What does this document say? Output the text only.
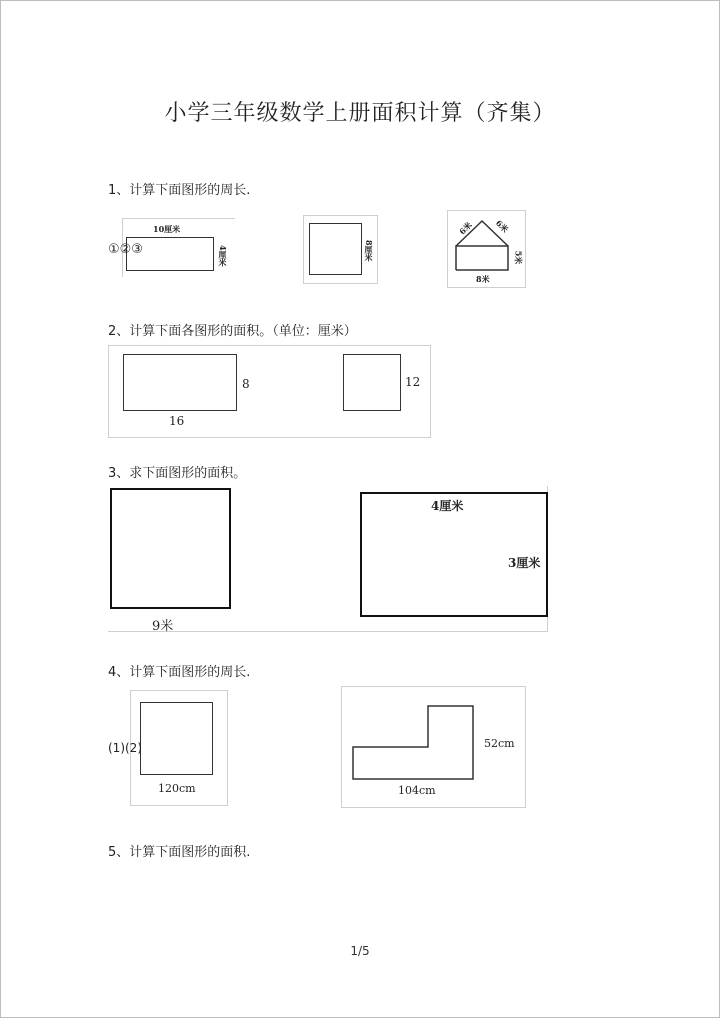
小学三年级数学上册面积计算（齐集）
1、计算下面图形的周长.
10厘米
4厘米
①②③	8厘米
6米	6米
5米
8米
2、计算下面各图形的面积。（单位：厘米）
8
16
12
3、求下面图形的面积。
9米
4厘米
3厘米
4、计算下面图形的周长.
120cm
(1)(2)	52cm
104cm
5、计算下面图形的面积.
1/5
